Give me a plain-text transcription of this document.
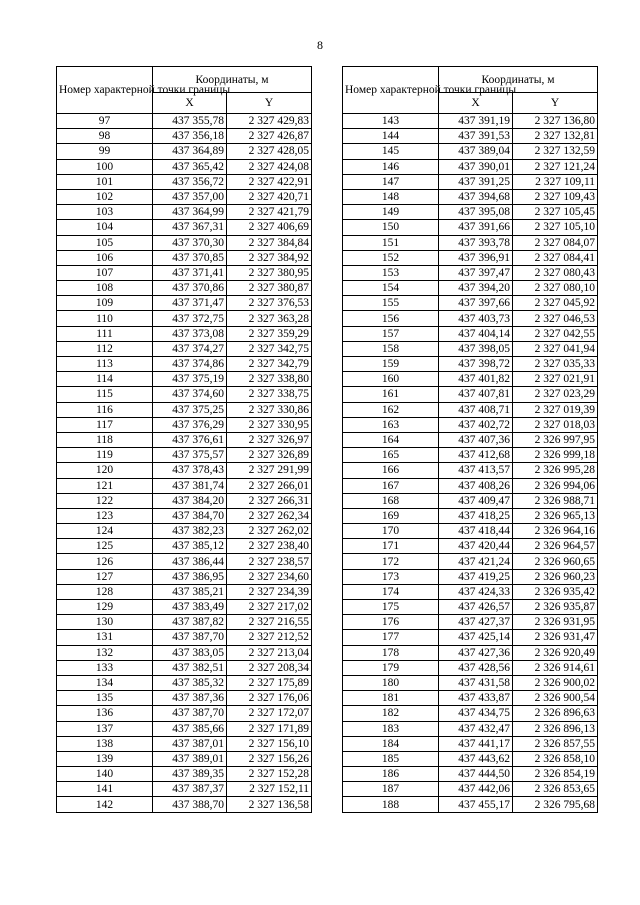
8
Номер характерной точки границы	Координаты, м	
	X	Y
97	437 355,78	2 327 429,83
98	437 356,18	2 327 426,87
99	437 364,89	2 327 428,05
100	437 365,42	2 327 424,08
101	437 356,72	2 327 422,91
102	437 357,00	2 327 420,71
103	437 364,99	2 327 421,79
104	437 367,31	2 327 406,69
105	437 370,30	2 327 384,84
106	437 370,85	2 327 384,92
107	437 371,41	2 327 380,95
108	437 370,86	2 327 380,87
109	437 371,47	2 327 376,53
110	437 372,75	2 327 363,28
111	437 373,08	2 327 359,29
112	437 374,27	2 327 342,75
113	437 374,86	2 327 342,79
114	437 375,19	2 327 338,80
115	437 374,60	2 327 338,75
116	437 375,25	2 327 330,86
117	437 376,29	2 327 330,95
118	437 376,61	2 327 326,97
119	437 375,57	2 327 326,89
120	437 378,43	2 327 291,99
121	437 381,74	2 327 266,01
122	437 384,20	2 327 266,31
123	437 384,70	2 327 262,34
124	437 382,23	2 327 262,02
125	437 385,12	2 327 238,40
126	437 386,44	2 327 238,57
127	437 386,95	2 327 234,60
128	437 385,21	2 327 234,39
129	437 383,49	2 327 217,02
130	437 387,82	2 327 216,55
131	437 387,70	2 327 212,52
132	437 383,05	2 327 213,04
133	437 382,51	2 327 208,34
134	437 385,32	2 327 175,89
135	437 387,36	2 327 176,06
136	437 387,70	2 327 172,07
137	437 385,66	2 327 171,89
138	437 387,01	2 327 156,10
139	437 389,01	2 327 156,26
140	437 389,35	2 327 152,28
141	437 387,37	2 327 152,11
142	437 388,70	2 327 136,58
Номер характерной точки границы	Координаты, м	
	X	Y
143	437 391,19	2 327 136,80
144	437 391,53	2 327 132,81
145	437 389,04	2 327 132,59
146	437 390,01	2 327 121,24
147	437 391,25	2 327 109,11
148	437 394,68	2 327 109,43
149	437 395,08	2 327 105,45
150	437 391,66	2 327 105,10
151	437 393,78	2 327 084,07
152	437 396,91	2 327 084,41
153	437 397,47	2 327 080,43
154	437 394,20	2 327 080,10
155	437 397,66	2 327 045,92
156	437 403,73	2 327 046,53
157	437 404,14	2 327 042,55
158	437 398,05	2 327 041,94
159	437 398,72	2 327 035,33
160	437 401,82	2 327 021,91
161	437 407,81	2 327 023,29
162	437 408,71	2 327 019,39
163	437 402,72	2 327 018,03
164	437 407,36	2 326 997,95
165	437 412,68	2 326 999,18
166	437 413,57	2 326 995,28
167	437 408,26	2 326 994,06
168	437 409,47	2 326 988,71
169	437 418,25	2 326 965,13
170	437 418,44	2 326 964,16
171	437 420,44	2 326 964,57
172	437 421,24	2 326 960,65
173	437 419,25	2 326 960,23
174	437 424,33	2 326 935,42
175	437 426,57	2 326 935,87
176	437 427,37	2 326 931,95
177	437 425,14	2 326 931,47
178	437 427,36	2 326 920,49
179	437 428,56	2 326 914,61
180	437 431,58	2 326 900,02
181	437 433,87	2 326 900,54
182	437 434,75	2 326 896,63
183	437 432,47	2 326 896,13
184	437 441,17	2 326 857,55
185	437 443,62	2 326 858,10
186	437 444,50	2 326 854,19
187	437 442,06	2 326 853,65
188	437 455,17	2 326 795,68
